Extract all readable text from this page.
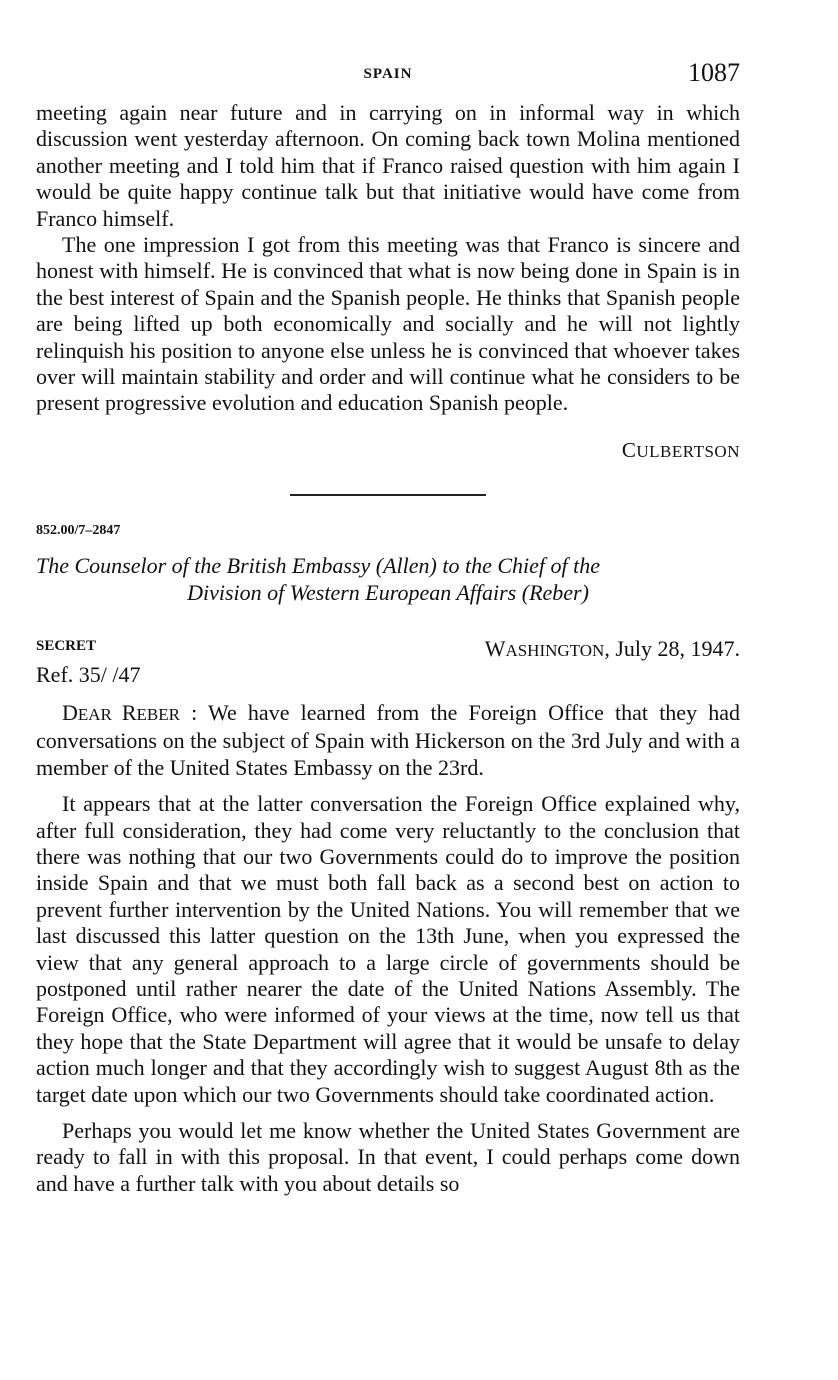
SPAIN	1087

meeting again near future and in carrying on in informal way in which discussion went yesterday afternoon. On coming back town Molina mentioned another meeting and I told him that if Franco raised question with him again I would be quite happy continue talk but that initiative would have come from Franco himself.

The one impression I got from this meeting was that Franco is sincere and honest with himself. He is convinced that what is now being done in Spain is in the best interest of Spain and the Spanish people. He thinks that Spanish people are being lifted up both economically and socially and he will not lightly relinquish his position to anyone else unless he is convinced that whoever takes over will maintain stability and order and will continue what he considers to be present progressive evolution and education Spanish people.

CULBERTSON
852.00/7–2847
The Counselor of the British Embassy (Allen) to the Chief of the
Division of Western European Affairs (Reber)
SECRET	WASHINGTON, July 28, 1947.
Ref. 35/ /47

DEAR REBER : We have learned from the Foreign Office that they had conversations on the subject of Spain with Hickerson on the 3rd July and with a member of the United States Embassy on the 23rd.

It appears that at the latter conversation the Foreign Office explained why, after full consideration, they had come very reluctantly to the conclusion that there was nothing that our two Governments could do to improve the position inside Spain and that we must both fall back as a second best on action to prevent further intervention by the United Nations. You will remember that we last discussed this latter question on the 13th June, when you expressed the view that any general approach to a large circle of governments should be postponed until rather nearer the date of the United Nations Assembly. The Foreign Office, who were informed of your views at the time, now tell us that they hope that the State Department will agree that it would be unsafe to delay action much longer and that they accordingly wish to suggest August 8th as the target date upon which our two Governments should take coordinated action.

Perhaps you would let me know whether the United States Government are ready to fall in with this proposal. In that event, I could perhaps come down and have a further talk with you about details so
